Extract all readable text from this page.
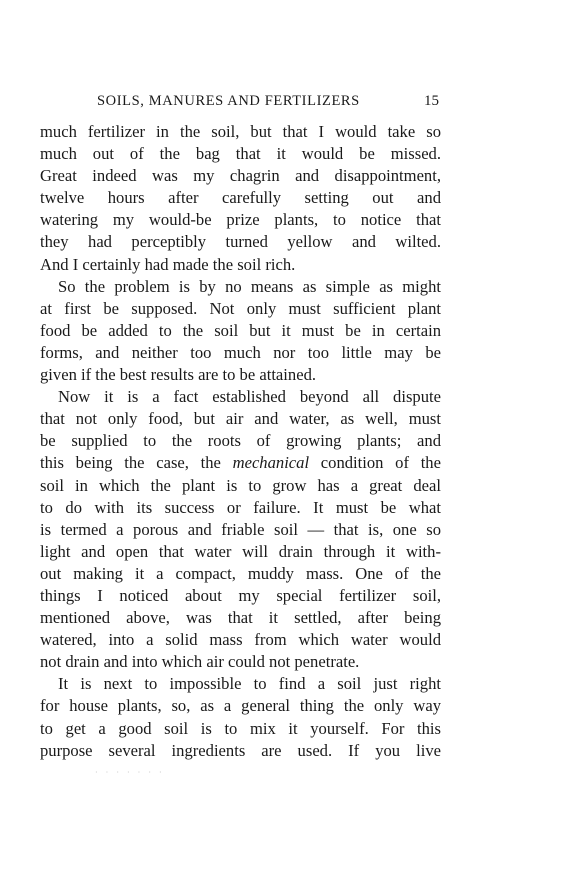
SOILS, MANURES AND FERTILIZERS	15
much fertilizer in the soil, but that I would take so
much out of the bag that it would be missed.
Great indeed was my chagrin and disappointment,
twelve hours after carefully setting out and
watering my would-be prize plants, to notice that
they had perceptibly turned yellow and wilted.
And I certainly had made the soil rich.
So the problem is by no means as simple as might
at first be supposed. Not only must sufficient plant
food be added to the soil but it must be in certain
forms, and neither too much nor too little may be
given if the best results are to be attained.
Now it is a fact established beyond all dispute
that not only food, but air and water, as well, must
be supplied to the roots of growing plants; and
this being the case, the mechanical condition of the
soil in which the plant is to grow has a great deal
to do with its success or failure. It must be what
is termed a porous and friable soil — that is, one so
light and open that water will drain through it with-
out making it a compact, muddy mass. One of the
things I noticed about my special fertilizer soil,
mentioned above, was that it settled, after being
watered, into a solid mass from which water would
not drain and into which air could not penetrate.
It is next to impossible to find a soil just right
for house plants, so, as a general thing the only way
to get a good soil is to mix it yourself. For this
purpose several ingredients are used. If you live
· · · · · · ·
